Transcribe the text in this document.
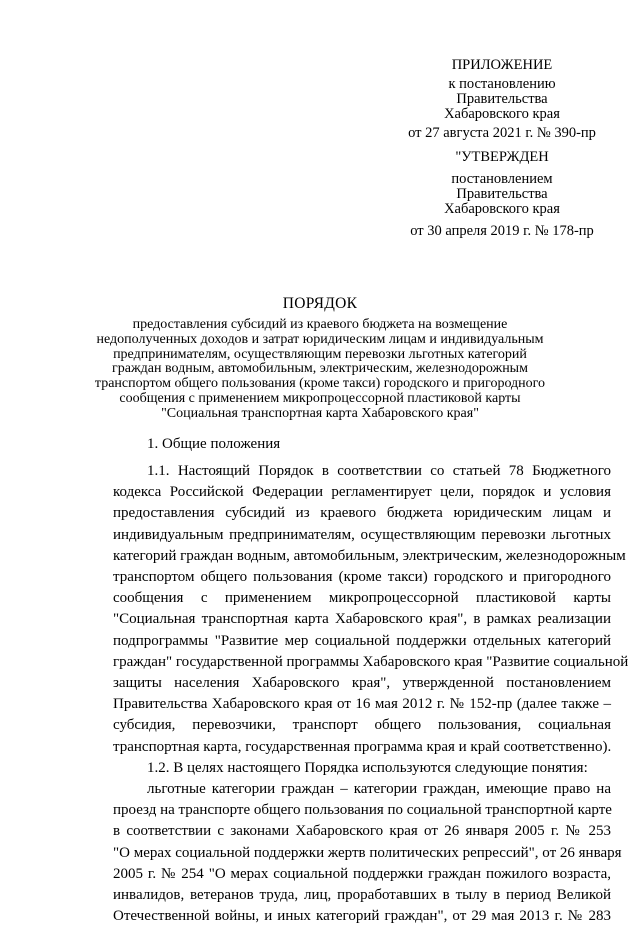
ПРИЛОЖЕНИЕ
к постановлению
Правительства
Хабаровского края
от 27 августа 2021 г. № 390-пр
"УТВЕРЖДЕН
постановлением
Правительства
Хабаровского края
от 30 апреля 2019 г. № 178-пр
ПОРЯДОК
предоставления субсидий из краевого бюджета на возмещение
недополученных доходов и затрат юридическим лицам и индивидуальным
предпринимателям, осуществляющим перевозки льготных категорий
граждан водным, автомобильным, электрическим, железнодорожным
транспортом общего пользования (кроме такси) городского и пригородного
сообщения с применением микропроцессорной пластиковой карты
"Социальная транспортная карта Хабаровского края"
1. Общие положения
1.1. Настоящий Порядок в соответствии со статьей 78 Бюджетного
кодекса Российской Федерации регламентирует цели, порядок и условия
предоставления субсидий из краевого бюджета юридическим лицам и
индивидуальным предпринимателям, осуществляющим перевозки льготных
категорий граждан водным, автомобильным, электрическим, железнодорожным
транспортом общего пользования (кроме такси) городского и пригородного
сообщения с применением микропроцессорной пластиковой карты
"Социальная транспортная карта Хабаровского края", в рамках реализации
подпрограммы "Развитие мер социальной поддержки отдельных категорий
граждан" государственной программы Хабаровского края "Развитие социальной
защиты населения Хабаровского края", утвержденной постановлением
Правительства Хабаровского края от 16 мая 2012 г. № 152-пр (далее также –
субсидия, перевозчики, транспорт общего пользования, социальная
транспортная карта, государственная программа края и край соответственно).
1.2. В целях настоящего Порядка используются следующие понятия:
льготные категории граждан – категории граждан, имеющие право на
проезд на транспорте общего пользования по социальной транспортной карте
в соответствии с законами Хабаровского края от 26 января 2005 г. № 253
"О мерах социальной поддержки жертв политических репрессий", от 26 января
2005 г. № 254 "О мерах социальной поддержки граждан пожилого возраста,
инвалидов, ветеранов труда, лиц, проработавших в тылу в период Великой
Отечественной войны, и иных категорий граждан", от 29 мая 2013 г. № 283
